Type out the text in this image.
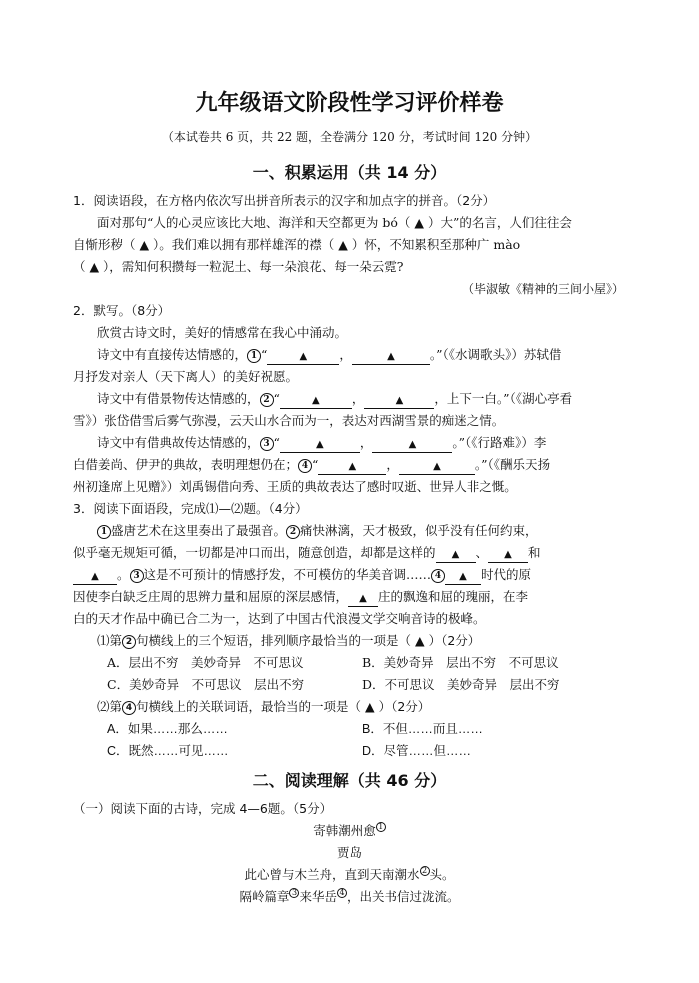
九年级语文阶段性学习评价样卷
（本试卷共 6 页，共 22 题，全卷满分 120 分，考试时间 120 分钟）
一、积累运用（共 14 分）
1．阅读语段，在方格内依次写出拼音所表示的汉字和加点字的拼音。（2分）
面对那句“人的心灵应该比大地、海洋和天空都更为 bó（ ▲ ）大”的名言，人们往往会
自惭形秽（ ▲ ）。我们难以拥有那样雄浑的襟（ ▲ ）怀，不知累积至那种广 mào
（ ▲ ），需知何积攒每一粒泥土、每一朵浪花、每一朵云霓?
（毕淑敏《精神的三间小屋》）
2．默写。（8分）
欣赏古诗文时，美好的情感常在我心中涌动。
诗文中有直接传达情感的， 1 “	▲	，	▲	。”（《水调歌头》）苏轼借
月抒发对亲人（天下离人）的美好祝愿。
诗文中有借景物传达情感的， 2 “	▲	，	▲ ，上下一白。”（《湖心亭看
雪》）张岱借雪后雾气弥漫，云天山水合而为一，表达对西湖雪景的痴迷之情。
诗文中有借典故传达情感的， 3 “	▲	，	▲	。”（《行路难》）李
白借姜尚、伊尹的典故，表明理想仍在； 4 “	▲ ，	▲	。”（《酬乐天扬
州初逢席上见赠》）刘禹锡借向秀、王质的典故表达了感时叹逝、世异人非之慨。
3．阅读下面语段，完成⑴—⑵题。（4分）
1 盛唐艺术在这里奏出了最强音。 2 痛快淋漓，天才极致，似乎没有任何约束，
似乎毫无规矩可循，一切都是冲口而出，随意创造，却都是这样的 ▲ 、 ▲ 和
▲ 。 3 这是不可预计的情感抒发，不可模仿的华美音调…… 4 ▲ 时代的原
因使李白缺乏庄周的思辨力量和屈原的深层感情， ▲ 庄的飘逸和屈的瑰丽，在李
白的天才作品中确已合二为一，达到了中国古代浪漫文学交响音诗的极峰。
⑴第 2 句横线上的三个短语，排列顺序最恰当的一项是（ ▲ ）（2分）
A．层出不穷　美妙奇异　不可思议	B．美妙奇异　层出不穷　不可思议
C．美妙奇异　不可思议　层出不穷	D．不可思议　美妙奇异　层出不穷
⑵第 4 句横线上的关联词语，最恰当的一项是（ ▲ ）（2分）
A．如果……那么……	B．不但……而且……
C．既然……可见……	D．尽管……但……
二、阅读理解（共 46 分）
（一）阅读下面的古诗，完成 4—6题。（5分）
寄韩潮州愈 1
贾岛
此心曾与木兰舟，直到天南潮水 2 头。
隔岭篇章 3 来华岳 4 ，出关书信过泷流。
